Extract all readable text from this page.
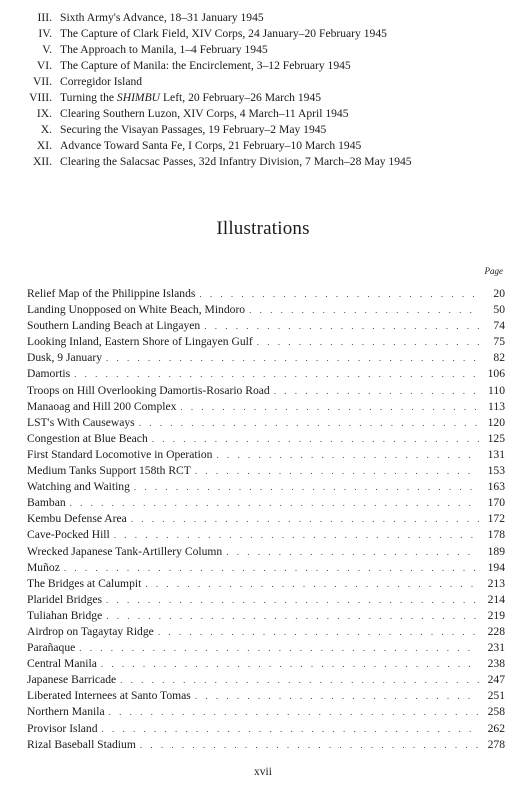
III. Sixth Army's Advance, 18–31 January 1945
IV. The Capture of Clark Field, XIV Corps, 24 January–20 February 1945
V. The Approach to Manila, 1–4 February 1945
VI. The Capture of Manila: the Encirclement, 3–12 February 1945
VII. Corregidor Island
VIII. Turning the SHIMBU Left, 20 February–26 March 1945
IX. Clearing Southern Luzon, XIV Corps, 4 March–11 April 1945
X. Securing the Visayan Passages, 19 February–2 May 1945
XI. Advance Toward Santa Fe, I Corps, 21 February–10 March 1945
XII. Clearing the Salacsac Passes, 32d Infantry Division, 7 March–28 May 1945
Illustrations
Page
Relief Map of the Philippine Islands . . .	20
Landing Unopposed on White Beach, Mindoro . . .	50
Southern Landing Beach at Lingayen . . .	74
Looking Inland, Eastern Shore of Lingayen Gulf . . .	75
Dusk, 9 January . . .	82
Damortis . . .	106
Troops on Hill Overlooking Damortis-Rosario Road . . .	110
Manaoag and Hill 200 Complex . . .	113
LST's With Causeways . . .	120
Congestion at Blue Beach . . .	125
First Standard Locomotive in Operation . . .	131
Medium Tanks Support 158th RCT . . .	153
Watching and Waiting . . .	163
Bamban . . .	170
Kembu Defense Area . . .	172
Cave-Pocked Hill . . .	178
Wrecked Japanese Tank-Artillery Column . . .	189
Muñoz . . .	194
The Bridges at Calumpit . . .	213
Plaridel Bridges . . .	214
Tuliahan Bridge . . .	219
Airdrop on Tagaytay Ridge . . .	228
Parañaque . . .	231
Central Manila . . .	238
Japanese Barricade . . .	247
Liberated Internees at Santo Tomas . . .	251
Northern Manila . . .	258
Provisor Island . . .	262
Rizal Baseball Stadium . . .	278
xvii
